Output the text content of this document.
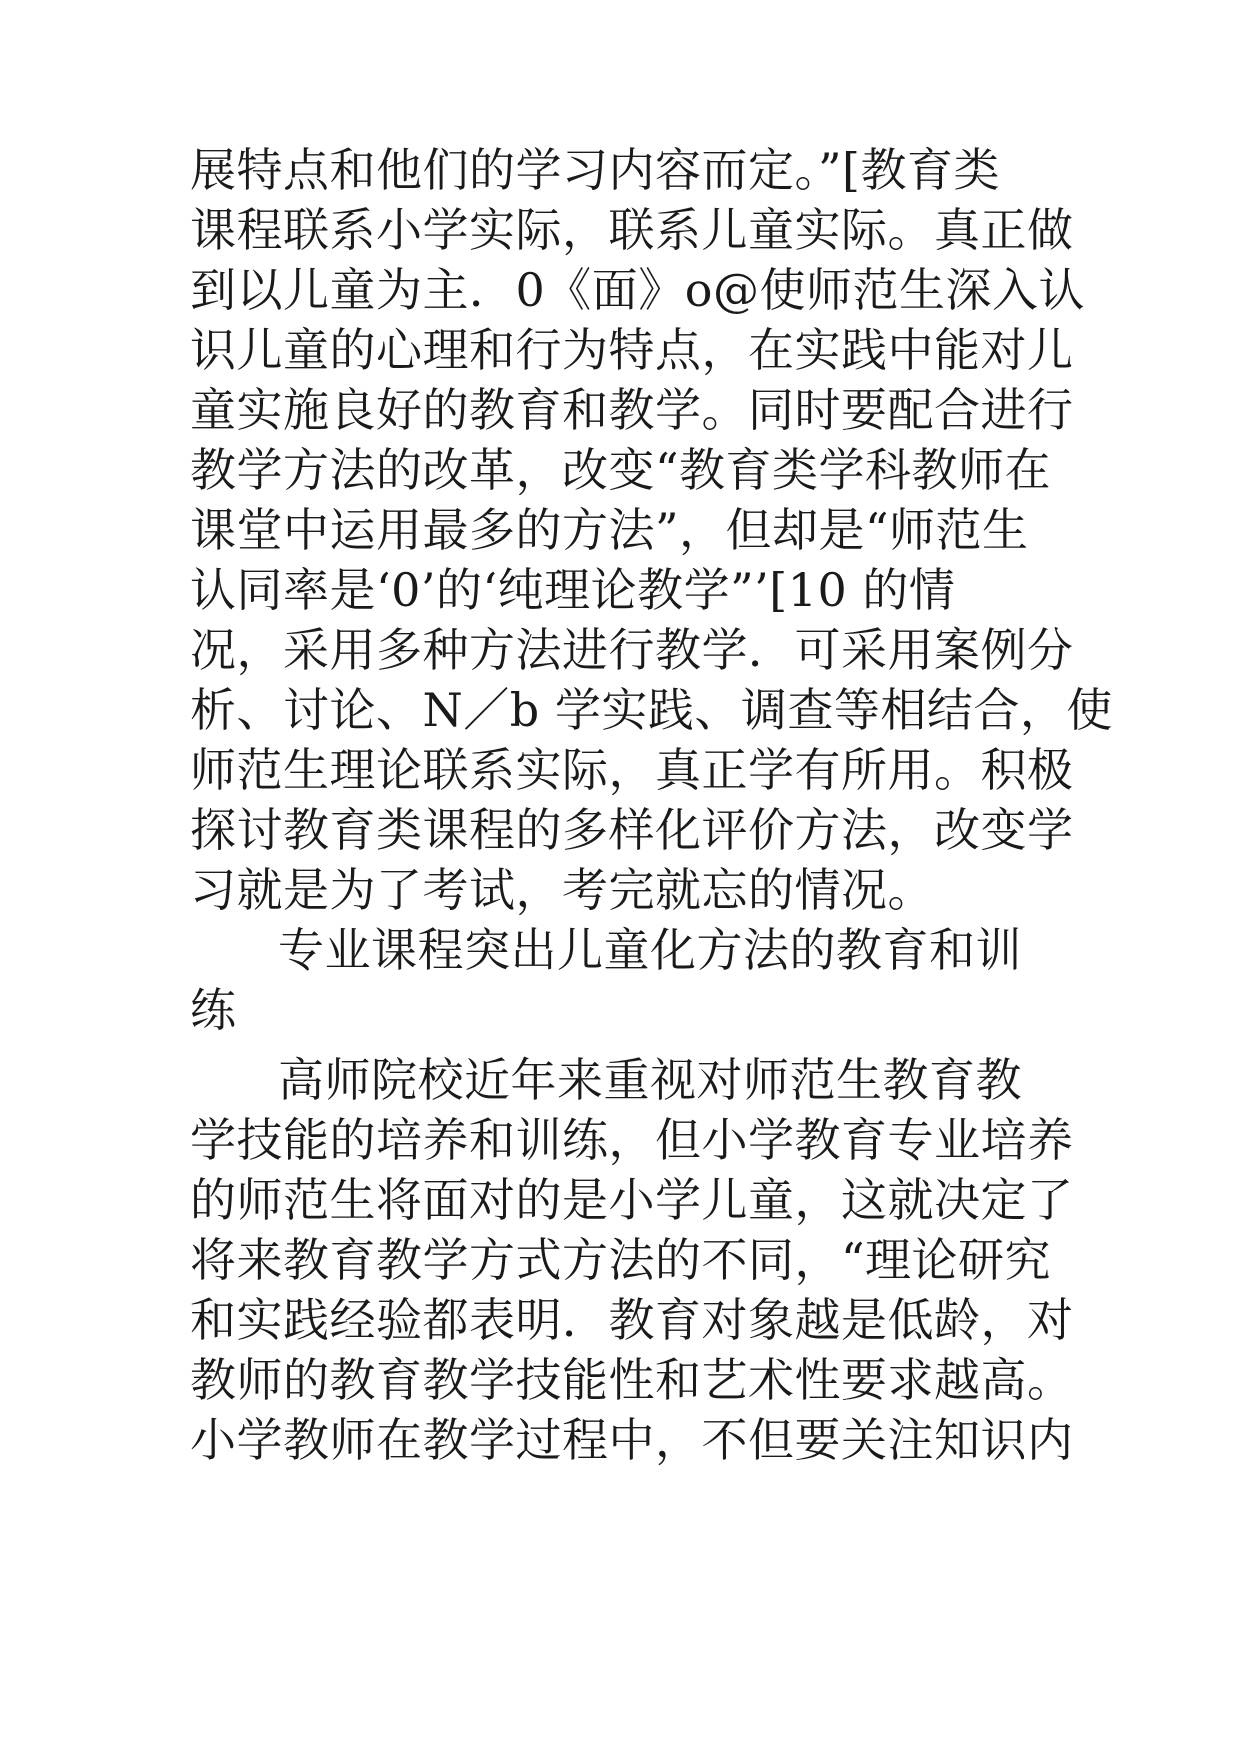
展特点和他们的学习内容而定。”[教育类
课程联系小学实际，联系儿童实际。真正做
到以儿童为主．0《面》o@使师范生深入认
识儿童的心理和行为特点，在实践中能对儿
童实施良好的教育和教学。同时要配合进行
教学方法的改革，改变“教育类学科教师在
课堂中运用最多的方法”，但却是“师范生
认同率是‘0’的‘纯理论教学”’[10 的情
况，采用多种方法进行教学．可采用案例分
析、讨论、N／b 学实践、调查等相结合，使
师范生理论联系实际，真正学有所用。积极
探讨教育类课程的多样化评价方法，改变学
习就是为了考试，考完就忘的情况。
专业课程突出儿童化方法的教育和训
练
高师院校近年来重视对师范生教育教
学技能的培养和训练，但小学教育专业培养
的师范生将面对的是小学儿童，这就决定了
将来教育教学方式方法的不同，“理论研究
和实践经验都表明．教育对象越是低龄，对
教师的教育教学技能性和艺术性要求越高。
小学教师在教学过程中，不但要关注知识内
